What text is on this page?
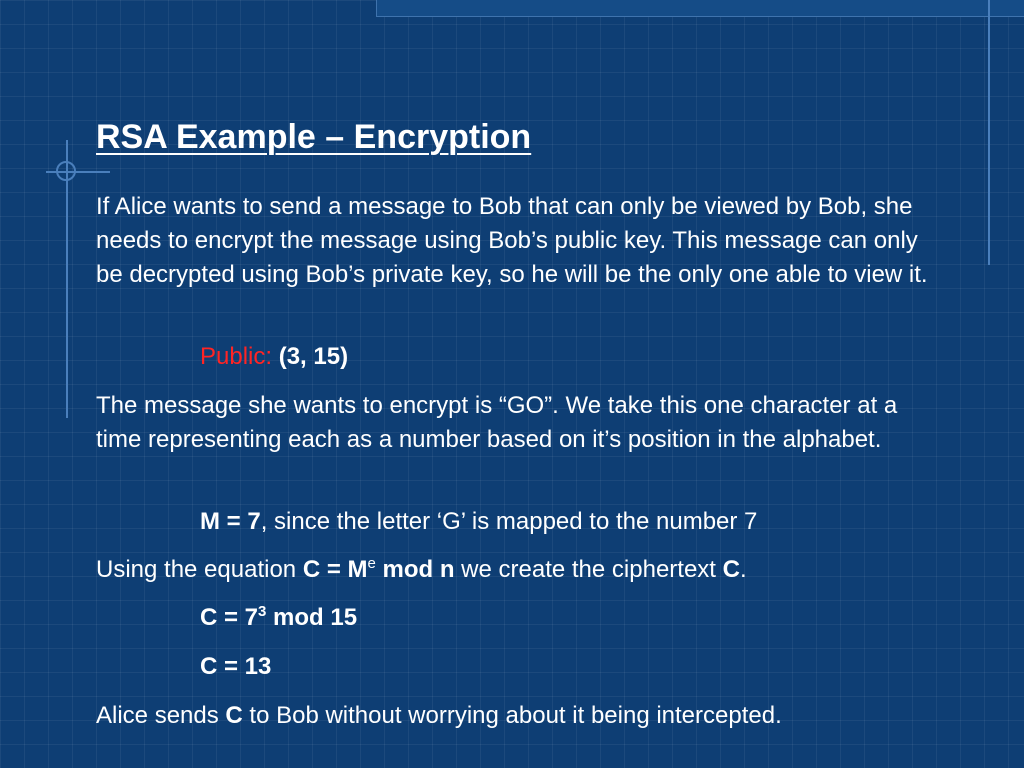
RSA Example – Encryption
If Alice wants to send a message to Bob that can only be viewed by Bob, she needs to encrypt the message using Bob’s public key. This message can only be decrypted using Bob’s private key, so he will be the only one able to view it.
Public: (3, 15)
The message she wants to encrypt is “GO”. We take this one character at a time representing each as a number based on it’s position in the alphabet.
M = 7, since the letter ‘G’ is mapped to the number 7
Using the equation $C = M^e$ mod n we create the ciphertext C.
$C = 7^3$ mod 15
C = 13
Alice sends C to Bob without worrying about it being intercepted.
